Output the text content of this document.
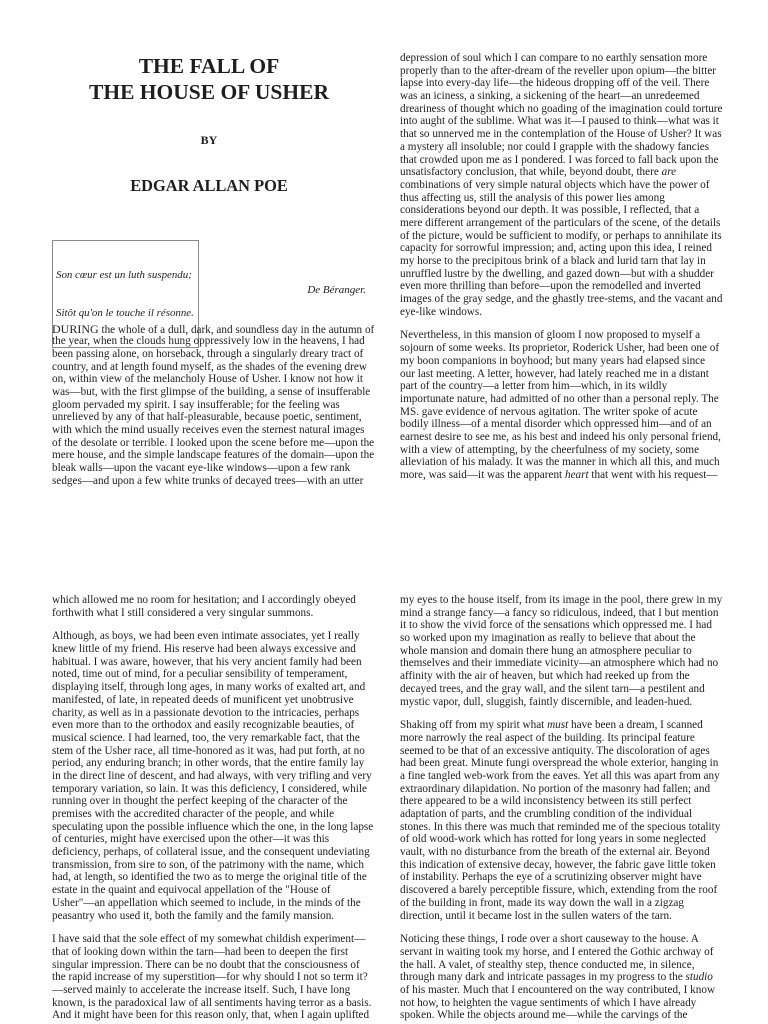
THE FALL OF
THE HOUSE OF USHER
BY
EDGAR ALLAN POE

Son cœur est un luth suspendu;

Sitôt qu'on le touche il résonne.

De Béranger.
DURING the whole of a dull, dark, and soundless day in the autumn of
the year, when the clouds hung oppressively low in the heavens, I had
been passing alone, on horseback, through a singularly dreary tract of
country, and at length found myself, as the shades of the evening drew
on, within view of the melancholy House of Usher. I know not how it
was—but, with the first glimpse of the building, a sense of insufferable
gloom pervaded my spirit. I say insufferable; for the feeling was
unrelieved by any of that half-pleasurable, because poetic, sentiment,
with which the mind usually receives even the sternest natural images
of the desolate or terrible. I looked upon the scene before me—upon the
mere house, and the simple landscape features of the domain—upon the
bleak walls—upon the vacant eye-like windows—upon a few rank
sedges—and upon a few white trunks of decayed trees—with an utter
depression of soul which I can compare to no earthly sensation more
properly than to the after-dream of the reveller upon opium—the bitter
lapse into every-day life—the hideous dropping off of the veil. There
was an iciness, a sinking, a sickening of the heart—an unredeemed
dreariness of thought which no goading of the imagination could torture
into aught of the sublime. What was it—I paused to think—what was it
that so unnerved me in the contemplation of the House of Usher? It was
a mystery all insoluble; nor could I grapple with the shadowy fancies
that crowded upon me as I pondered. I was forced to fall back upon the
unsatisfactory conclusion, that while, beyond doubt, there are
combinations of very simple natural objects which have the power of
thus affecting us, still the analysis of this power lies among
considerations beyond our depth. It was possible, I reflected, that a
mere different arrangement of the particulars of the scene, of the details
of the picture, would be sufficient to modify, or perhaps to annihilate its
capacity for sorrowful impression; and, acting upon this idea, I reined
my horse to the precipitous brink of a black and lurid tarn that lay in
unruffled lustre by the dwelling, and gazed down—but with a shudder
even more thrilling than before—upon the remodelled and inverted
images of the gray sedge, and the ghastly tree-stems, and the vacant and
eye-like windows.
Nevertheless, in this mansion of gloom I now proposed to myself a
sojourn of some weeks. Its proprietor, Roderick Usher, had been one of
my boon companions in boyhood; but many years had elapsed since
our last meeting. A letter, however, had lately reached me in a distant
part of the country—a letter from him—which, in its wildly
importunate nature, had admitted of no other than a personal reply. The
MS. gave evidence of nervous agitation. The writer spoke of acute
bodily illness—of a mental disorder which oppressed him—and of an
earnest desire to see me, as his best and indeed his only personal friend,
with a view of attempting, by the cheerfulness of my society, some
alleviation of his malady. It was the manner in which all this, and much
more, was said—it was the apparent heart that went with his request—
which allowed me no room for hesitation; and I accordingly obeyed
forthwith what I still considered a very singular summons.
Although, as boys, we had been even intimate associates, yet I really
knew little of my friend. His reserve had been always excessive and
habitual. I was aware, however, that his very ancient family had been
noted, time out of mind, for a peculiar sensibility of temperament,
displaying itself, through long ages, in many works of exalted art, and
manifested, of late, in repeated deeds of munificent yet unobtrusive
charity, as well as in a passionate devotion to the intricacies, perhaps
even more than to the orthodox and easily recognizable beauties, of
musical science. I had learned, too, the very remarkable fact, that the
stem of the Usher race, all time-honored as it was, had put forth, at no
period, any enduring branch; in other words, that the entire family lay
in the direct line of descent, and had always, with very trifling and very
temporary variation, so lain. It was this deficiency, I considered, while
running over in thought the perfect keeping of the character of the
premises with the accredited character of the people, and while
speculating upon the possible influence which the one, in the long lapse
of centuries, might have exercised upon the other—it was this
deficiency, perhaps, of collateral issue, and the consequent undeviating
transmission, from sire to son, of the patrimony with the name, which
had, at length, so identified the two as to merge the original title of the
estate in the quaint and equivocal appellation of the "House of
Usher"—an appellation which seemed to include, in the minds of the
peasantry who used it, both the family and the family mansion.
I have said that the sole effect of my somewhat childish experiment—
that of looking down within the tarn—had been to deepen the first
singular impression. There can be no doubt that the consciousness of
the rapid increase of my superstition—for why should I not so term it?
—served mainly to accelerate the increase itself. Such, I have long
known, is the paradoxical law of all sentiments having terror as a basis.
And it might have been for this reason only, that, when I again uplifted
my eyes to the house itself, from its image in the pool, there grew in my
mind a strange fancy—a fancy so ridiculous, indeed, that I but mention
it to show the vivid force of the sensations which oppressed me. I had
so worked upon my imagination as really to believe that about the
whole mansion and domain there hung an atmosphere peculiar to
themselves and their immediate vicinity—an atmosphere which had no
affinity with the air of heaven, but which had reeked up from the
decayed trees, and the gray wall, and the silent tarn—a pestilent and
mystic vapor, dull, sluggish, faintly discernible, and leaden-hued.
Shaking off from my spirit what must have been a dream, I scanned
more narrowly the real aspect of the building. Its principal feature
seemed to be that of an excessive antiquity. The discoloration of ages
had been great. Minute fungi overspread the whole exterior, hanging in
a fine tangled web-work from the eaves. Yet all this was apart from any
extraordinary dilapidation. No portion of the masonry had fallen; and
there appeared to be a wild inconsistency between its still perfect
adaptation of parts, and the crumbling condition of the individual
stones. In this there was much that reminded me of the specious totality
of old wood-work which has rotted for long years in some neglected
vault, with no disturbance from the breath of the external air. Beyond
this indication of extensive decay, however, the fabric gave little token
of instability. Perhaps the eye of a scrutinizing observer might have
discovered a barely perceptible fissure, which, extending from the roof
of the building in front, made its way down the wall in a zigzag
direction, until it became lost in the sullen waters of the tarn.
Noticing these things, I rode over a short causeway to the house. A
servant in waiting took my horse, and I entered the Gothic archway of
the hall. A valet, of stealthy step, thence conducted me, in silence,
through many dark and intricate passages in my progress to the studio
of his master. Much that I encountered on the way contributed, I know
not how, to heighten the vague sentiments of which I have already
spoken. While the objects around me—while the carvings of the
